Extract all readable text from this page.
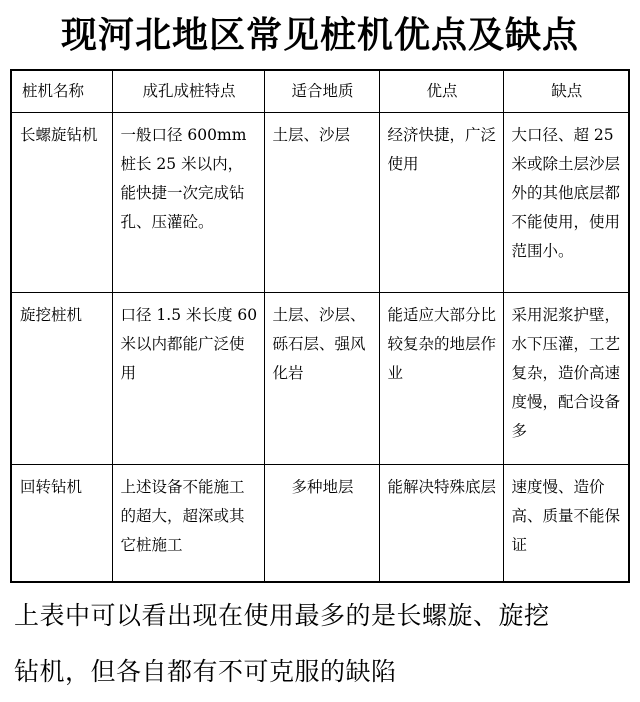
现河北地区常见桩机优点及缺点
桩机名称	成孔成桩特点	适合地质	优点	缺点
长螺旋钻机	一般口径 600mm 桩长 25 米以内，能快捷一次完成钻孔、压灌砼。	土层、沙层	经济快捷，广泛使用	大口径、超 25 米或除土层沙层外的其他底层都不能使用，使用范围小。
旋挖桩机	口径 1.5 米长度 60 米以内都能广泛使用	土层、沙层、砾石层、强风化岩	能适应大部分比较复杂的地层作业	采用泥浆护壁，水下压灌，工艺复杂，造价高速度慢，配合设备多
回转钻机	上述设备不能施工的超大，超深或其它桩施工	多种地层	能解决特殊底层	速度慢、造价高、质量不能保证
上表中可以看出现在使用最多的是长螺旋、旋挖
钻机，但各自都有不可克服的缺陷
